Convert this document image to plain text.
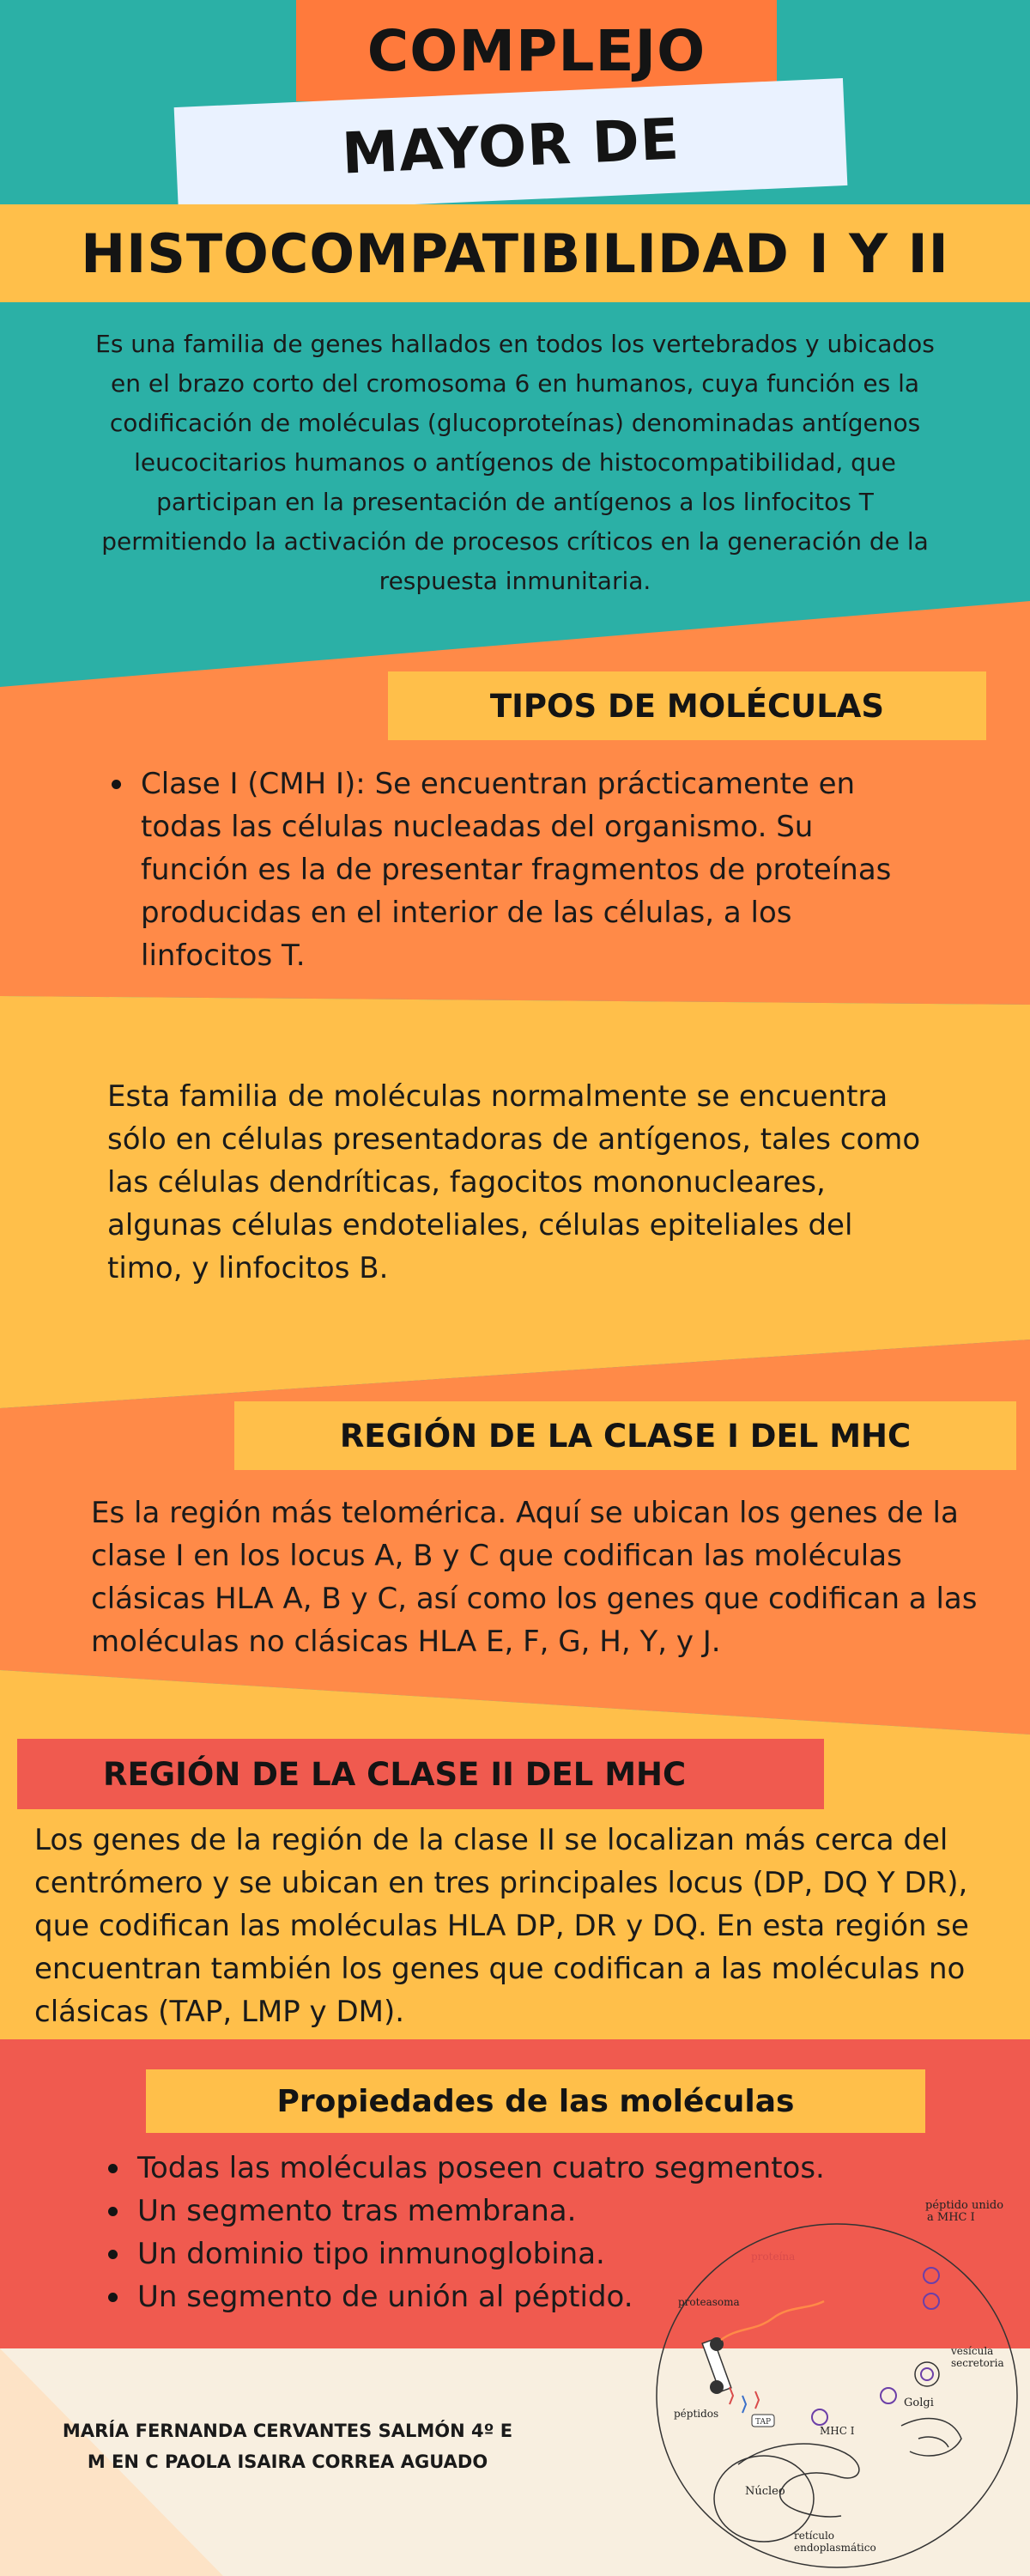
COMPLEJO
MAYOR DE
HISTOCOMPATIBILIDAD I Y II
Es una familia de genes hallados en todos los vertebrados y ubicados en el brazo corto del cromosoma 6 en humanos, cuya función es la codificación de moléculas (glucoproteínas) denominadas antígenos leucocitarios humanos o antígenos de histocompatibilidad, que participan en la presentación de antígenos a los linfocitos T permitiendo la activación de procesos críticos en la generación de la respuesta inmunitaria.
TIPOS DE MOLÉCULAS
Clase I (CMH I): Se encuentran prácticamente en todas las células nucleadas del organismo. Su función es la de presentar fragmentos de proteínas producidas en el interior de las células, a los linfocitos T.
Esta familia de moléculas normalmente se encuentra sólo en células presentadoras de antígenos, tales como las células dendríticas, fagocitos mononucleares, algunas células endoteliales, células epiteliales del timo, y linfocitos B.
REGIÓN DE LA CLASE I DEL MHC
Es la región más telomérica. Aquí se ubican los genes de la clase I en los locus A, B y C que codifican las moléculas clásicas HLA A, B y C, así como los genes que codifican a las moléculas no clásicas HLA E, F, G, H, Y, y J.
REGIÓN DE LA CLASE II DEL MHC
Los genes de la región de la clase II se localizan más cerca del centrómero y se ubican en tres principales locus (DP, DQ Y DR), que codifican las moléculas HLA DP, DR y DQ. En esta región se encuentran también los genes que codifican a las moléculas no clásicas (TAP, LMP y DM).
Propiedades de las moléculas
Todas las moléculas poseen cuatro segmentos.
Un segmento tras membrana.
Un dominio tipo inmunoglobina.
Un segmento de unión al péptido.
MARÍA FERNANDA CERVANTES SALMÓN 4º E
M EN C PAOLA ISAIRA CORREA AGUADO
TAP
péptido unido
a MHC I
proteína
proteasoma
vesícula
secretoria
Golgi
péptidos
MHC I
Núcleo
retículo
endoplasmático
